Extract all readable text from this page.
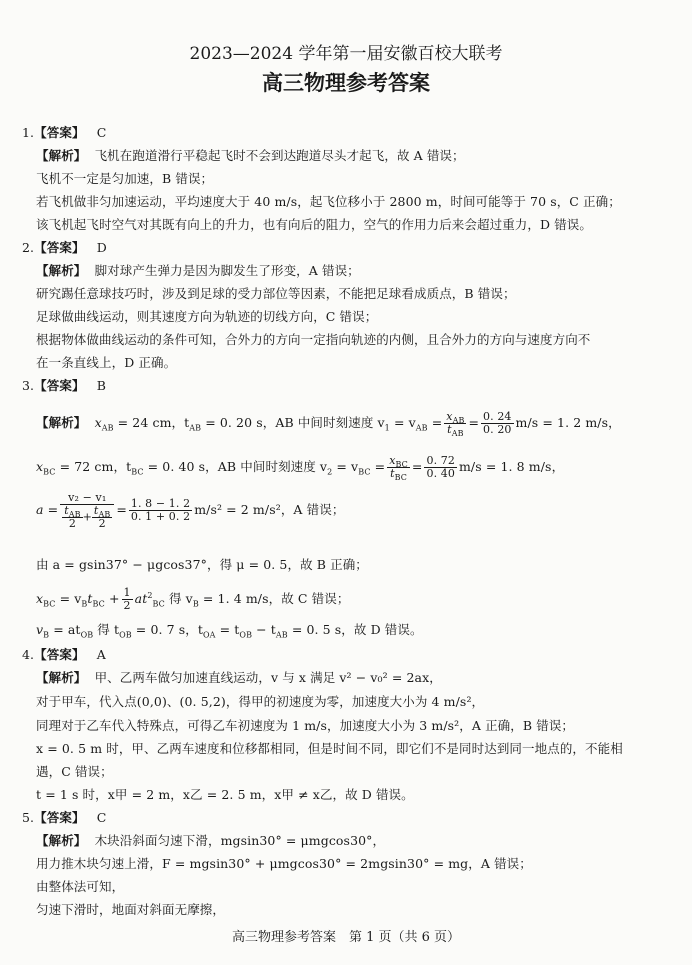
2023—2024 学年第一届安徽百校大联考
高三物理参考答案
1.【答案】 C
【解析】 飞机在跑道滑行平稳起飞时不会到达跑道尽头才起飞，故 A 错误；
飞机不一定是匀加速，B 错误；
若飞机做非匀加速运动，平均速度大于 40 m/s，起飞位移小于 2800 m，时间可能等于 70 s，C 正确；
该飞机起飞时空气对其既有向上的升力，也有向后的阻力，空气的作用力后来会超过重力，D 错误。
2.【答案】 D
【解析】 脚对球产生弹力是因为脚发生了形变，A 错误；
研究踢任意球技巧时，涉及到足球的受力部位等因素，不能把足球看成质点，B 错误；
足球做曲线运动，则其速度方向为轨迹的切线方向，C 错误；
根据物体做曲线运动的条件可知，合外力的方向一定指向轨迹的内侧，且合外力的方向与速度方向不
在一条直线上，D 正确。
3.【答案】 B
【解析】 $x_{AB} = 24$ cm，$t_{AB} = 0$. 20 s，AB 中间时刻速度 $v_1 = v_{AB} = \frac{x_{AB}}{t_{AB}} = \frac{0. 24}{0. 20} m/s = 1$. 2 m/s，
$x_{BC} = 72$ cm，$t_{BC} = 0$. 40 s，AB 中间时刻速度 $v_2 = v_{BC} = \frac{x_{BC}}{t_{BC}} = \frac{0. 72}{0. 40} m/s = 1$. 8 m/s，
a = v₂ − v₁
$t_{AB}$
$2 + t_{AB}$
$2 = \frac{1. 8 - 1. 2}{0. 1 + 0. 2} m/s^2 = 2$ m/s²，A 错误；
由 a = gsin37° − μgcos37°，得 μ = 0. 5，故 B 正确；
$x_{BC} = v_Bt_{BC} + \frac{1}{2} at^2_{BC}$ 得 $v_B = 1$. 4 m/s，故 C 错误；
$v_B = at_{OB}$ 得 $t_{OB} = 0$. 7 s，$t_{OA} = t_{OB} - t_{AB} = 0$. 5 s，故 D 错误。
4.【答案】 A
【解析】 甲、乙两车做匀加速直线运动，v 与 x 满足 v² − v₀² = 2ax，
对于甲车，代入点(0,0)、(0. 5,2)，得甲的初速度为零，加速度大小为 4 m/s²，
同理对于乙车代入特殊点，可得乙车初速度为 1 m/s，加速度大小为 3 m/s²，A 正确，B 错误；
x = 0. 5 m 时，甲、乙两车速度和位移都相同，但是时间不同，即它们不是同时达到同一地点的，不能相
遇，C 错误；
t = 1 s 时，x甲 = 2 m，x乙 = 2. 5 m，x甲 ≠ x乙，故 D 错误。
5.【答案】 C
【解析】 木块沿斜面匀速下滑，mgsin30° = μmgcos30°，
用力推木块匀速上滑，F = mgsin30° + μmgcos30° = 2mgsin30° = mg，A 错误；
由整体法可知，
匀速下滑时，地面对斜面无摩擦，
高三物理参考答案　第 1 页（共 6 页）
